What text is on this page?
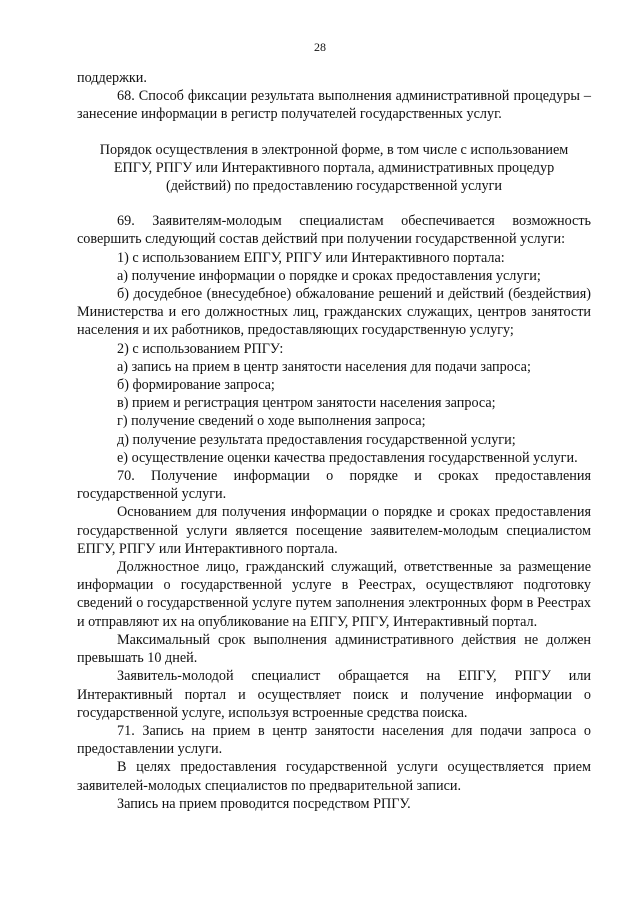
28

поддержки.

68. Способ фиксации результата выполнения административной процедуры – занесение информации в регистр получателей государственных услуг.

Порядок осуществления в электронной форме, в том числе с использованием
ЕПГУ, РПГУ или Интерактивного портала, административных процедур
(действий) по предоставлению государственной услуги

69. Заявителям-молодым специалистам обеспечивается возможность совершить следующий состав действий при получении государственной услуги:

1) с использованием ЕПГУ, РПГУ или Интерактивного портала:

а) получение информации о порядке и сроках предоставления услуги;

б) досудебное (внесудебное) обжалование решений и действий (бездействия) Министерства и его должностных лиц, гражданских служащих, центров занятости населения и их работников, предоставляющих государственную услугу;

2) с использованием РПГУ:

а) запись на прием в центр занятости населения для подачи запроса;

б) формирование запроса;

в) прием и регистрация центром занятости населения запроса;

г) получение сведений о ходе выполнения запроса;

д) получение результата предоставления государственной услуги;

е) осуществление оценки качества предоставления государственной услуги.

70. Получение информации о порядке и сроках предоставления государственной услуги.

Основанием для получения информации о порядке и сроках предоставления государственной услуги является посещение заявителем-молодым специалистом ЕПГУ, РПГУ или Интерактивного портала.

Должностное лицо, гражданский служащий, ответственные за размещение информации о государственной услуге в Реестрах, осуществляют подготовку сведений о государственной услуге путем заполнения электронных форм в Реестрах и отправляют их на опубликование на ЕПГУ, РПГУ, Интерактивный портал.

Максимальный срок выполнения административного действия не должен превышать 10 дней.

Заявитель-молодой специалист обращается на ЕПГУ, РПГУ или Интерактивный портал и осуществляет поиск и получение информации о государственной услуге, используя встроенные средства поиска.

71. Запись на прием в центр занятости населения для подачи запроса о предоставлении услуги.

В целях предоставления государственной услуги осуществляется прием заявителей-молодых специалистов по предварительной записи.

Запись на прием проводится посредством РПГУ.
